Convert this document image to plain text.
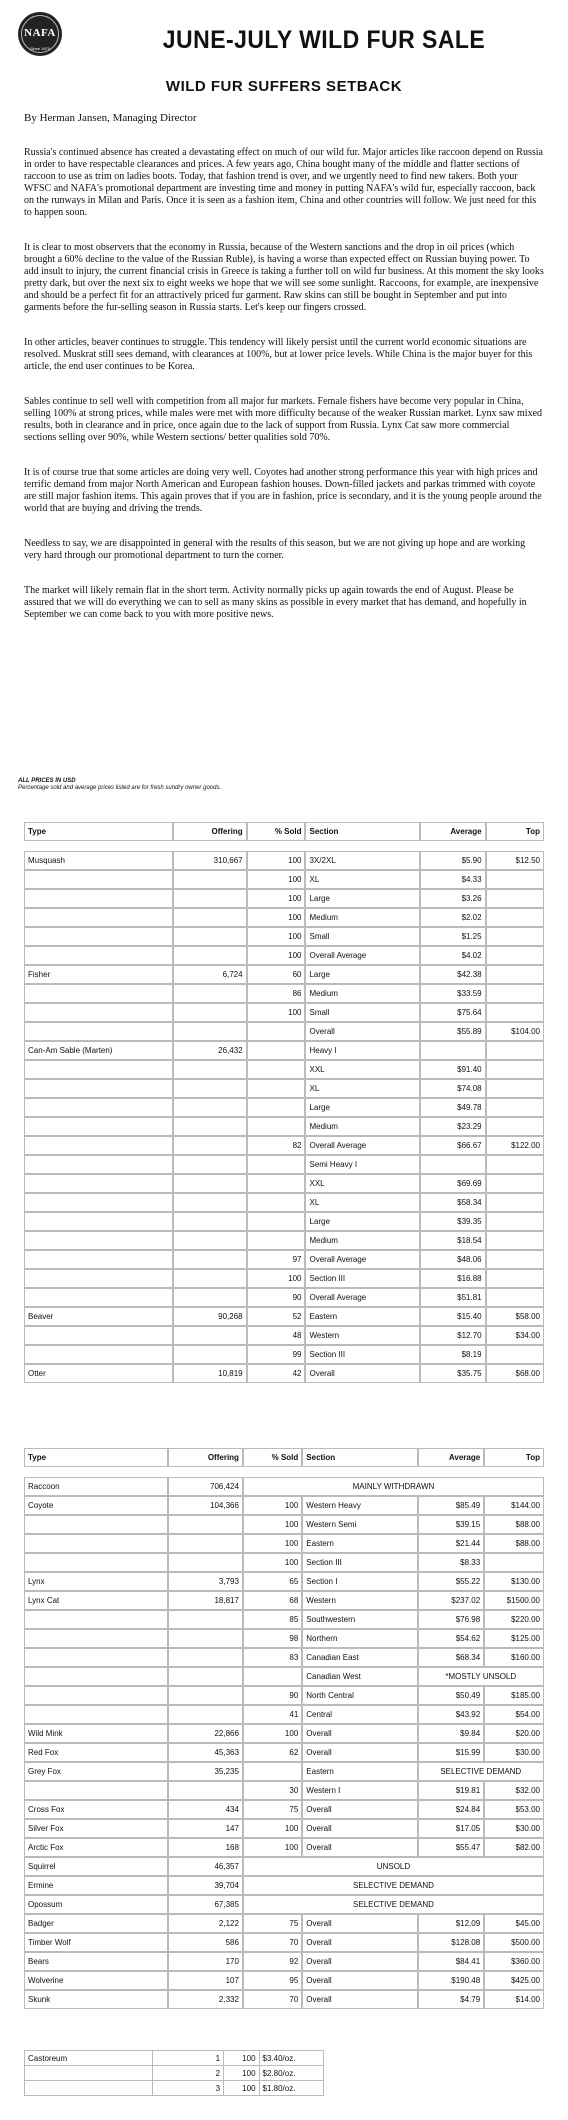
NAFA
Since 1670	JUNE-JULY WILD FUR SALE
WILD FUR SUFFERS SETBACK
By Herman Jansen, Managing Director

Russia's continued absence has created a devastating effect on much of our wild fur. Major articles like raccoon depend on Russia in order to have respectable clearances and prices. A few years ago, China bought many of the middle and flatter sections of raccoon to use as trim on ladies boots. Today, that fashion trend is over, and we urgently need to find new takers. Both your WFSC and NAFA's promotional department are investing time and money in putting NAFA's wild fur, especially raccoon, back on the runways in Milan and Paris. Once it is seen as a fashion item, China and other countries will follow. We just need for this to happen soon.

It is clear to most observers that the economy in Russia, because of the Western sanctions and the drop in oil prices (which brought a 60% decline to the value of the Russian Ruble), is having a worse than expected effect on Russian buying power. To add insult to injury, the current financial crisis in Greece is taking a further toll on wild fur business. At this moment the sky looks pretty dark, but over the next six to eight weeks we hope that we will see some sunlight. Raccoons, for example, are inexpensive and should be a perfect fit for an attractively priced fur garment. Raw skins can still be bought in September and put into garments before the fur-selling season in Russia starts. Let's keep our fingers crossed.

In other articles, beaver continues to struggle. This tendency will likely persist until the current world economic situations are resolved. Muskrat still sees demand, with clearances at 100%, but at lower price levels. While China is the major buyer for this article, the end user continues to be Korea.

Sables continue to sell well with competition from all major fur markets. Female fishers have become very popular in China, selling 100% at strong prices, while males were met with more difficulty because of the weaker Russian market. Lynx saw mixed results, both in clearance and in price, once again due to the lack of support from Russia. Lynx Cat saw more commercial sections selling over 90%, while Western sections/ better qualities sold 70%.

It is of course true that some articles are doing very well. Coyotes had another strong performance this year with high prices and terrific demand from major North American and European fashion houses. Down-filled jackets and parkas trimmed with coyote are still major fashion items. This again proves that if you are in fashion, price is secondary, and it is the young people around the world that are buying and driving the trends.

Needless to say, we are disappointed in general with the results of this season, but we are not giving up hope and are working very hard through our promotional department to turn the corner.

The market will likely remain flat in the short term. Activity normally picks up again towards the end of August. Please be assured that we will do everything we can to sell as many skins as possible in every market that has demand, and hopefully in September we can come back to you with more positive news.

ALL PRICES IN USD
Percentage sold and average prices listed are for fresh sundry owner goods.
Type	Offering	% Sold	Section	Average	Top

Musquash	310,667	100	3X/2XL	$5.90	$12.50
		100	XL	$4.33	
		100	Large	$3.26	
		100	Medium	$2.02	
		100	Small	$1.25	
		100	Overall Average	$4.02	
Fisher	6,724	60	Large	$42.38	
		86	Medium	$33.59	
		100	Small	$75.64	
			Overall	$55.89	$104.00
Can-Am Sable (Marten)	26,432		Heavy I		
			XXL	$91.40	
			XL	$74.08	
			Large	$49.78	
			Medium	$23.29	
		82	Overall Average	$66.67	$122.00
			Semi Heavy I		
			XXL	$69.69	
			XL	$58.34	
			Large	$39.35	
			Medium	$18.54	
		97	Overall Average	$48.06	
		100	Section III	$16.88	
		90	Overall Average	$51.81	
Beaver	90,268	52	Eastern	$15.40	$58.00
		48	Western	$12.70	$34.00
		99	Section III	$8.19	
Otter	10,819	42	Overall	$35.75	$68.00
Type	Offering	% Sold	Section	Average	Top

Raccoon	706,424	MAINLY WITHDRAWN			
Coyote	104,366	100	Western Heavy	$85.49	$144.00
		100	Western Semi	$39.15	$88.00
		100	Eastern	$21.44	$88.00
		100	Section III	$8.33	
Lynx	3,793	65	Section I	$55.22	$130.00
Lynx Cat	18,817	68	Western	$237.02	$1500.00
		85	Southwestern	$76.98	$220.00
		98	Northern	$54.62	$125.00
		83	Canadian East	$68.34	$160.00
			Canadian West	*MOSTLY UNSOLD	
		90	North Central	$50.49	$185.00
		41	Central	$43.92	$54.00
Wild Mink	22,866	100	Overall	$9.84	$20.00
Red Fox	45,363	62	Overall	$15.99	$30.00
Grey Fox	35,235		Eastern	SELECTIVE DEMAND	
		30	Western I	$19.81	$32.00
Cross Fox	434	75	Overall	$24.84	$53.00
Silver Fox	147	100	Overall	$17.05	$30.00
Arctic Fox	168	100	Overall	$55.47	$82.00
Squirrel	46,357	UNSOLD			
Ermine	39,704	SELECTIVE DEMAND			
Opossum	67,385	SELECTIVE DEMAND			
Badger	2,122	75	Overall	$12.09	$45.00
Timber Wolf	586	70	Overall	$128.08	$500.00
Bears	170	92	Overall	$84.41	$360.00
Wolverine	107	95	Overall	$190.48	$425.00
Skunk	2,332	70	Overall	$4.79	$14.00
Castoreum	1	100	$3.40/oz.
	2	100	$2.80/oz.
	3	100	$1.80/oz.
